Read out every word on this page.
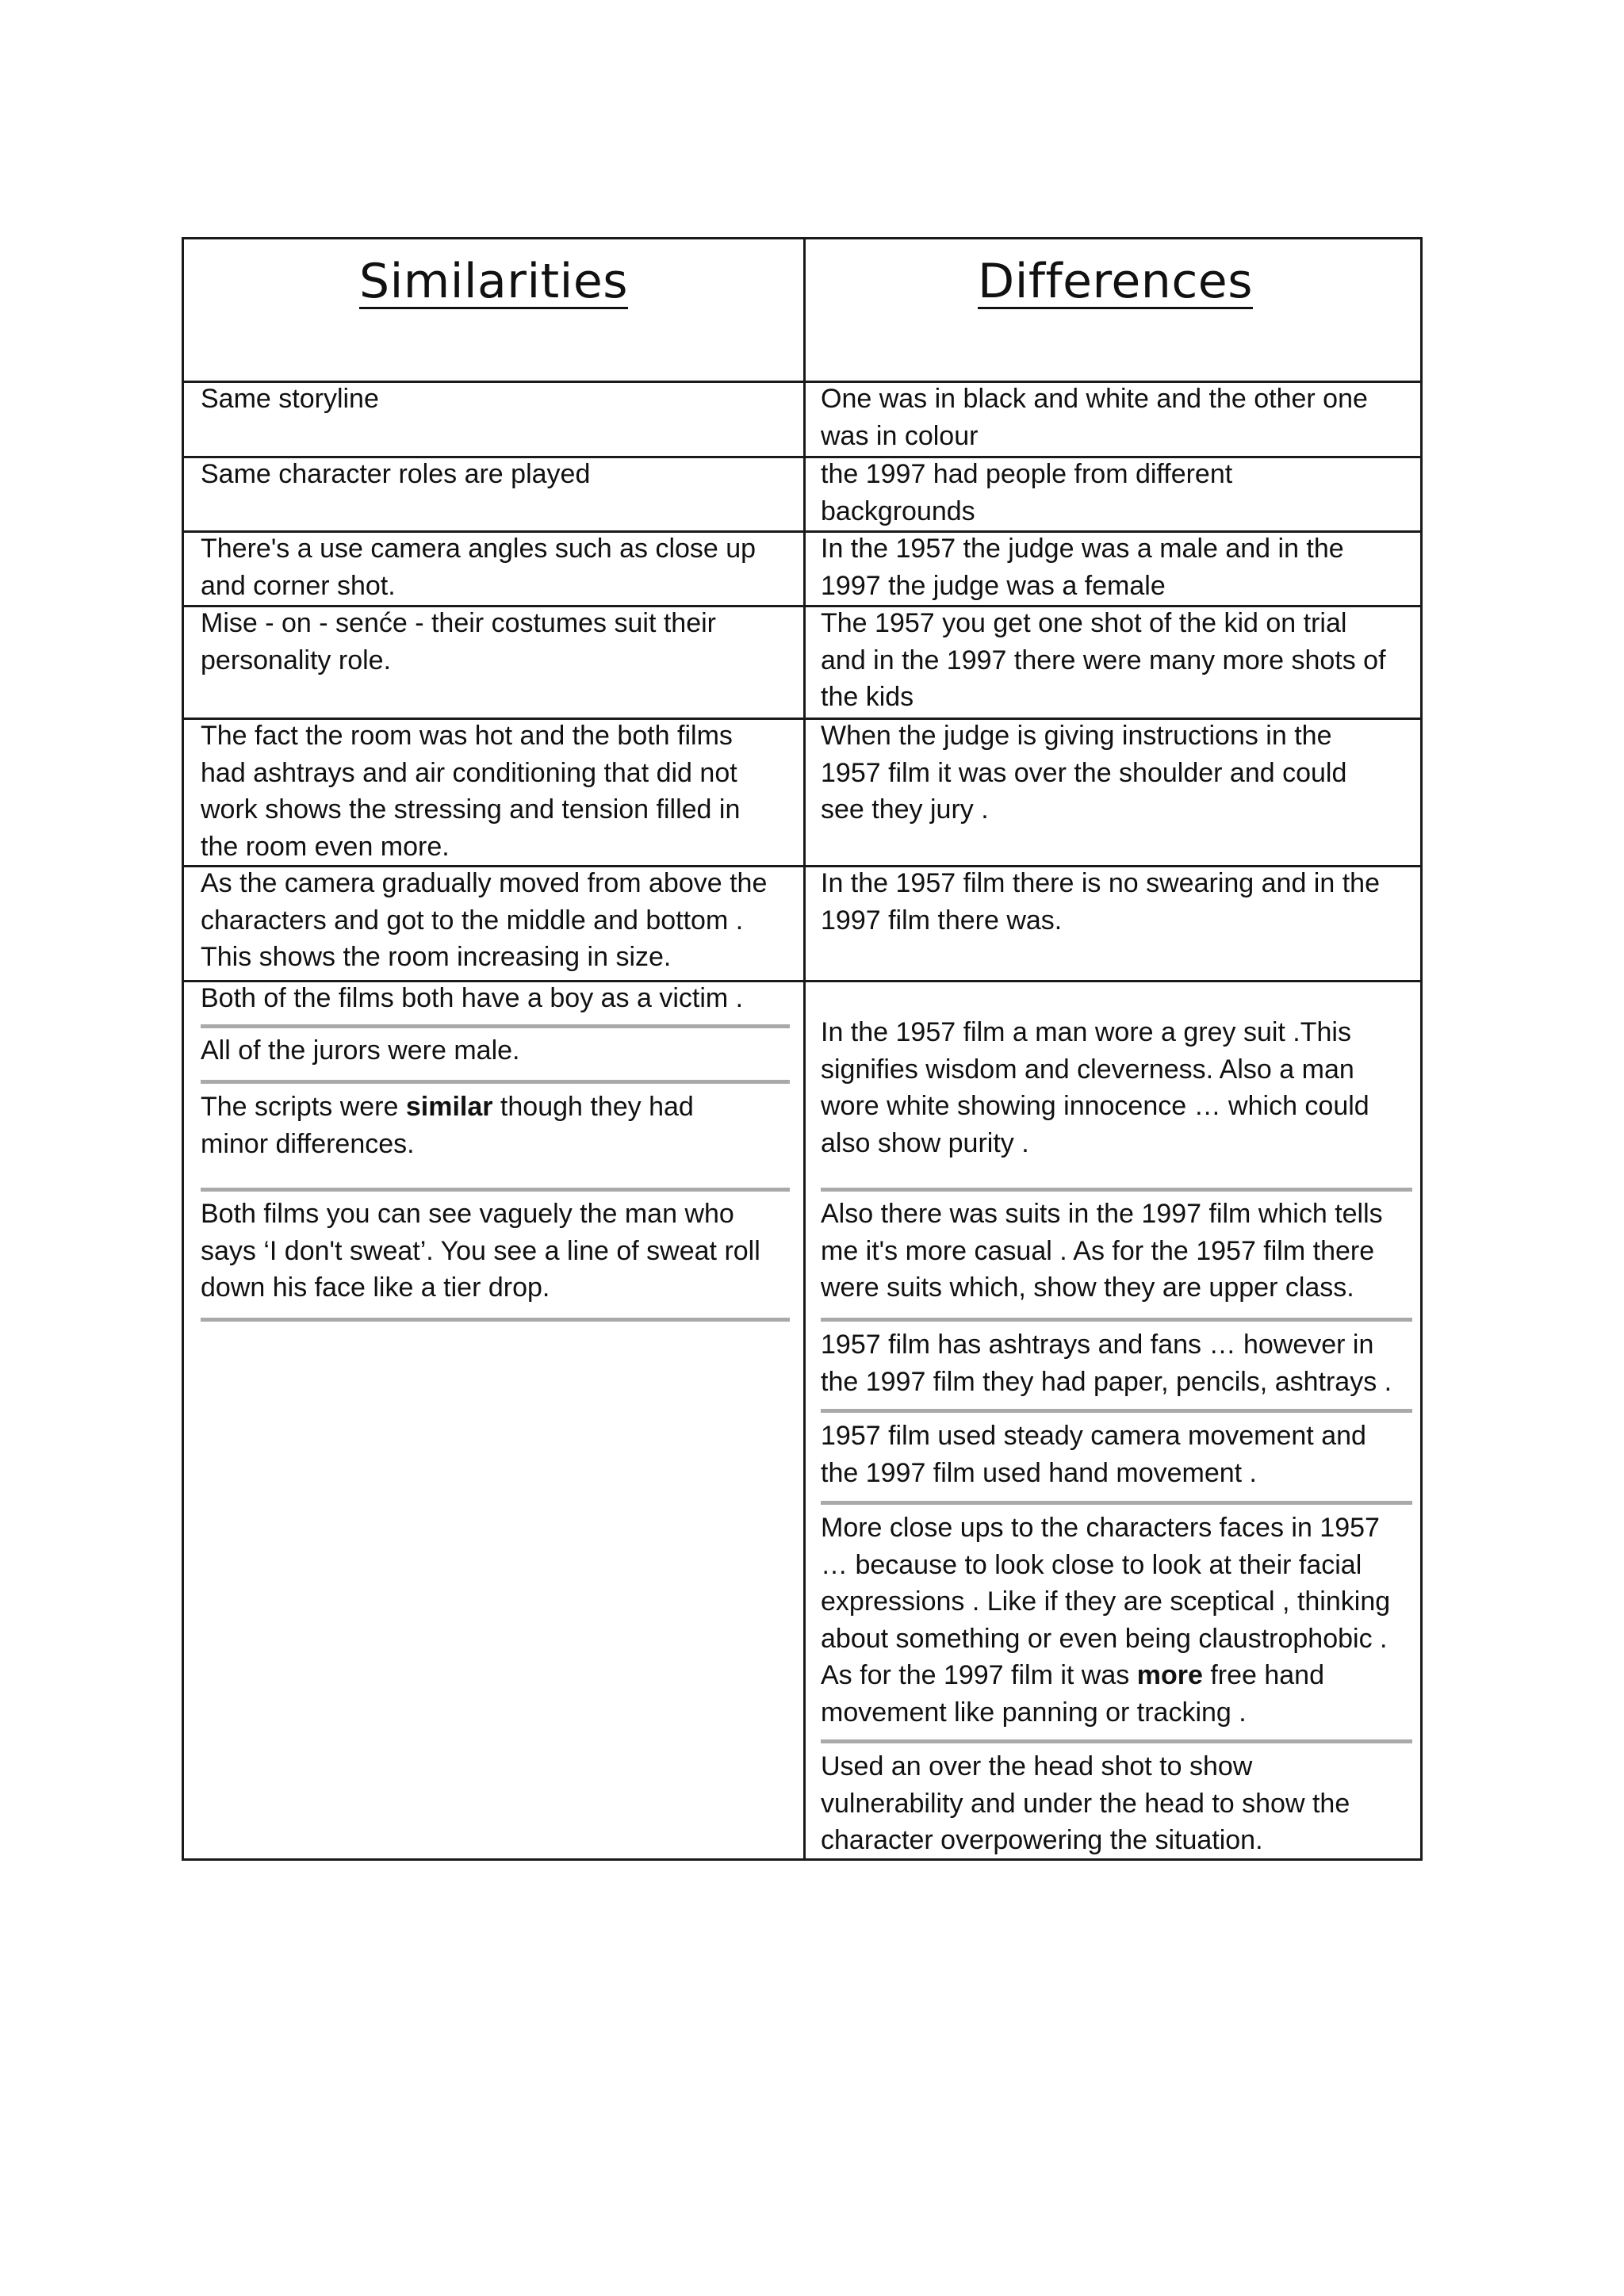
Similarities	Differences
Same storyline
Same character roles are played
There's a use camera angles such as close up
and corner shot.
Mise - on - senće - their costumes suit their
personality role.
The fact the room was hot and the both films
had ashtrays and air conditioning that did not
work shows the stressing and tension filled in
the room even more.
As the camera gradually moved from above the
characters and got to the middle and bottom .
This shows the room increasing in size.
Both of the films both have a boy as a victim .
All of the jurors were male.
The scripts were similar though they had
minor differences.
Both films you can see vaguely the man who
says ‘I don't sweat’. You see a line of sweat roll
down his face like a tier drop.
One was in black and white and the other one
was in colour
the 1997 had people from different
backgrounds
In the 1957 the judge was a male and in the
1997 the judge was a female
The 1957 you get one shot of the kid on trial
and in the 1997 there were many more shots of
the kids
When the judge is giving instructions in the
1957 film it was over the shoulder and could
see they jury .
In the 1957 film there is no swearing and in the
1997 film there was.
In the 1957 film a man wore a grey suit .This
signifies wisdom and cleverness. Also a man
wore white showing innocence … which could
also show purity .
Also there was suits in the 1997 film which tells
me it's more casual . As for the 1957 film there
were suits which, show they are upper class.
1957 film has ashtrays and fans … however in
the 1997 film they had paper, pencils, ashtrays .
1957 film used steady camera movement and
the 1997 film used hand movement .
More close ups to the characters faces in 1957
… because to look close to look at their facial
expressions . Like if they are sceptical , thinking
about something or even being claustrophobic .
As for the 1997 film it was more free hand
movement like panning or tracking .
Used an over the head shot to show
vulnerability and under the head to show the
character overpowering the situation.
